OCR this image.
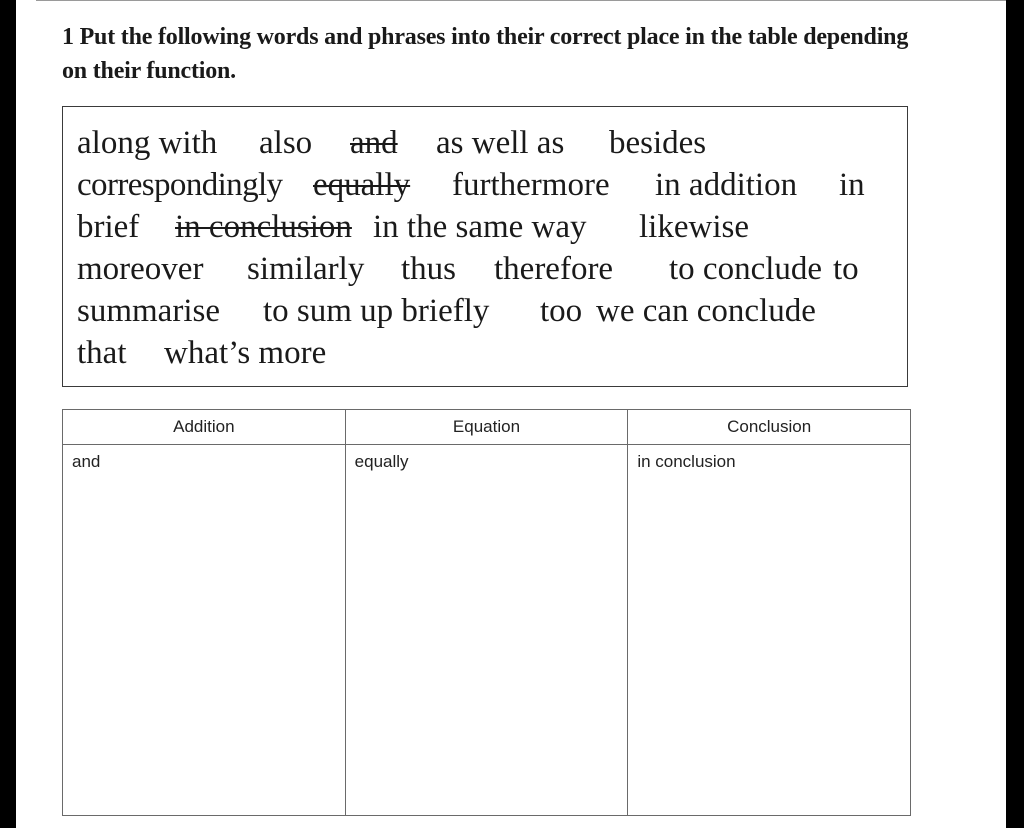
1 Put the following words and phrases into their correct place in the table depending on their function.
along with also and as well as besides
correspondingly equally furthermore in addition in
brief in conclusion in the same way likewise
moreover similarly thus therefore to conclude to
summarise to sum up briefly too we can conclude
that what’s more
Addition	Equation	Conclusion
and	equally	in conclusion
